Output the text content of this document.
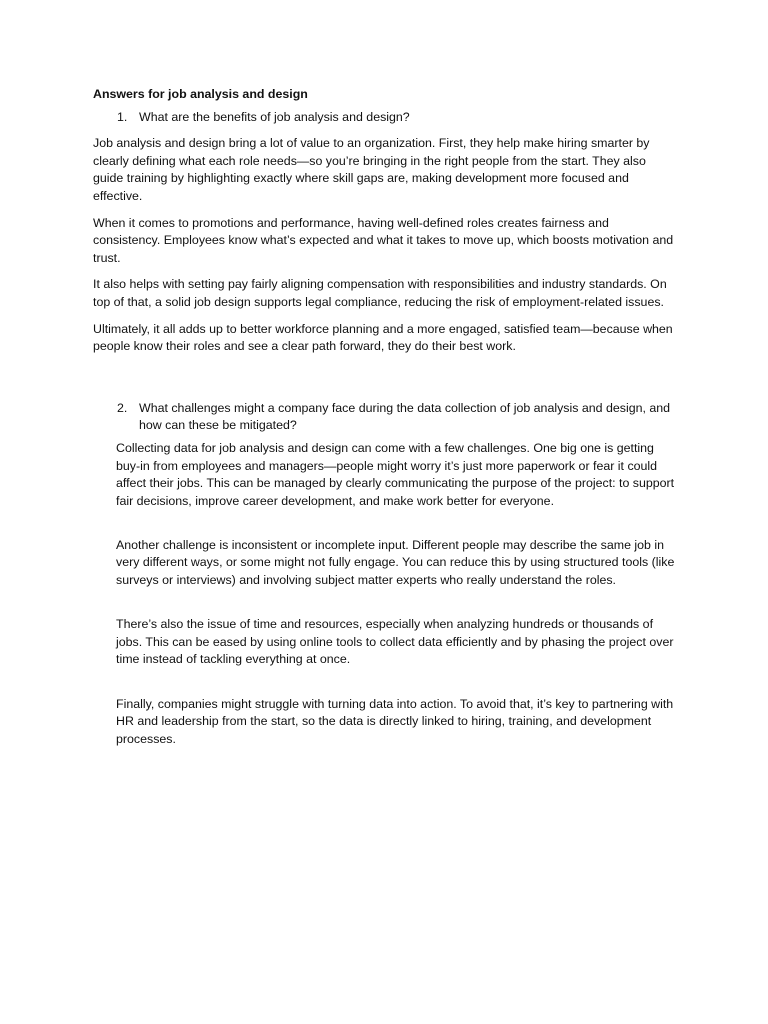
Answers for job analysis and design
1. What are the benefits of job analysis and design?

Job analysis and design bring a lot of value to an organization. First, they help make hiring smarter by clearly defining what each role needs—so you’re bringing in the right people from the start. They also guide training by highlighting exactly where skill gaps are, making development more focused and effective.

When it comes to promotions and performance, having well-defined roles creates fairness and consistency. Employees know what’s expected and what it takes to move up, which boosts motivation and trust.

It also helps with setting pay fairly aligning compensation with responsibilities and industry standards. On top of that, a solid job design supports legal compliance, reducing the risk of employment-related issues.

Ultimately, it all adds up to better workforce planning and a more engaged, satisfied team—because when people know their roles and see a clear path forward, they do their best work.

2. What challenges might a company face during the data collection of job analysis and design, and how can these be mitigated?

Collecting data for job analysis and design can come with a few challenges. One big one is getting buy-in from employees and managers—people might worry it’s just more paperwork or fear it could affect their jobs. This can be managed by clearly communicating the purpose of the project: to support fair decisions, improve career development, and make work better for everyone.

Another challenge is inconsistent or incomplete input. Different people may describe the same job in very different ways, or some might not fully engage. You can reduce this by using structured tools (like surveys or interviews) and involving subject matter experts who really understand the roles.

There’s also the issue of time and resources, especially when analyzing hundreds or thousands of jobs. This can be eased by using online tools to collect data efficiently and by phasing the project over time instead of tackling everything at once.

Finally, companies might struggle with turning data into action. To avoid that, it’s key to partnering with HR and leadership from the start, so the data is directly linked to hiring, training, and development processes.
